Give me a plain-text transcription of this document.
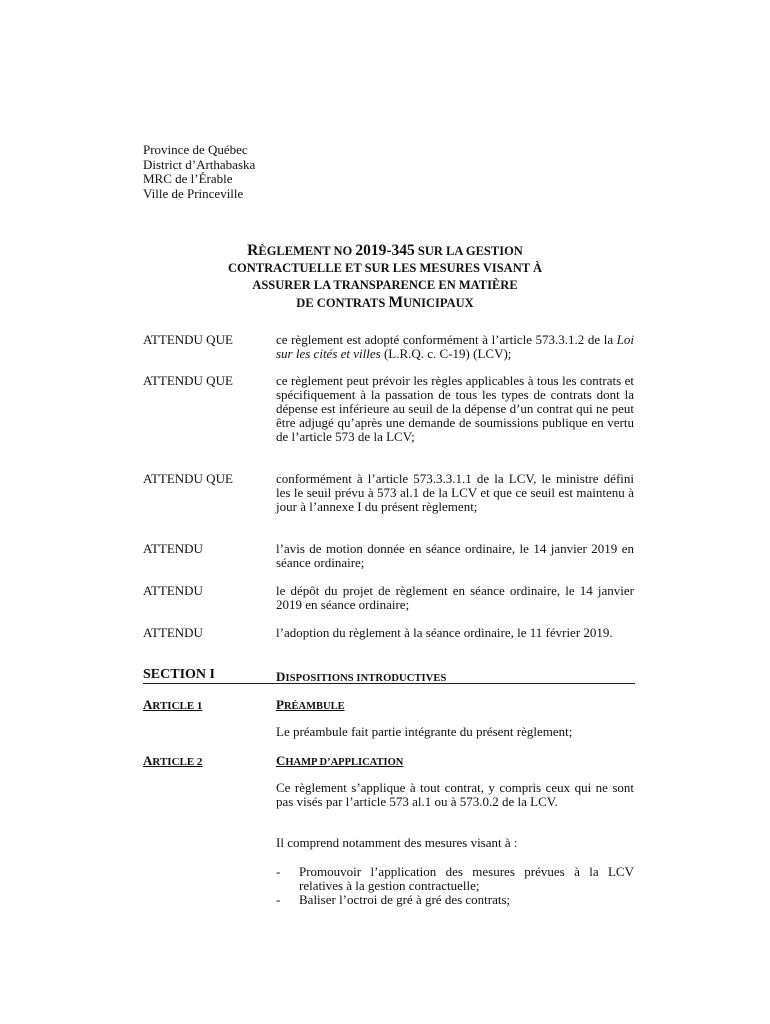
Province de Québec
District d’Arthabaska
MRC de l’Érable
Ville de Princeville
RÈGLEMENT NO 2019-345 SUR LA GESTION
CONTRACTUELLE ET SUR LES MESURES VISANT À
ASSURER LA TRANSPARENCE EN MATIÈRE
DE CONTRATS MUNICIPAUX
ATTENDU QUE	ce règlement est adopté conformément à l’article 573.3.1.2 de la Loi sur les cités et villes (L.R.Q. c. C-19) (LCV);
ATTENDU QUE	ce règlement peut prévoir les règles applicables à tous les contrats et spécifiquement à la passation de tous les types de contrats dont la dépense est inférieure au seuil de la dépense d’un contrat qui ne peut être adjugé qu’après une demande de soumissions publique en vertu de l’article 573 de la LCV;
ATTENDU QUE	conformément à l’article 573.3.3.1.1 de la LCV, le ministre défini les le seuil prévu à 573 al.1 de la LCV et que ce seuil est maintenu à jour à l’annexe I du présent règlement;
ATTENDU	l’avis de motion donnée en séance ordinaire, le 14 janvier 2019 en séance ordinaire;
ATTENDU	le dépôt du projet de règlement en séance ordinaire, le 14 janvier 2019 en séance ordinaire;
ATTENDU	l’adoption du règlement à la séance ordinaire, le 11 février 2019.
SECTION I	DISPOSITIONS INTRODUCTIVES
ARTICLE 1	PRÉAMBULE
Le préambule fait partie intégrante du présent règlement;
ARTICLE 2	CHAMP D’APPLICATION
Ce règlement s’applique à tout contrat, y compris ceux qui ne sont pas visés par l’article 573 al.1 ou à 573.0.2 de la LCV.
Il comprend notamment des mesures visant à :
- Promouvoir l’application des mesures prévues à la LCV relatives à la gestion contractuelle;
- Baliser l’octroi de gré à gré des contrats;
